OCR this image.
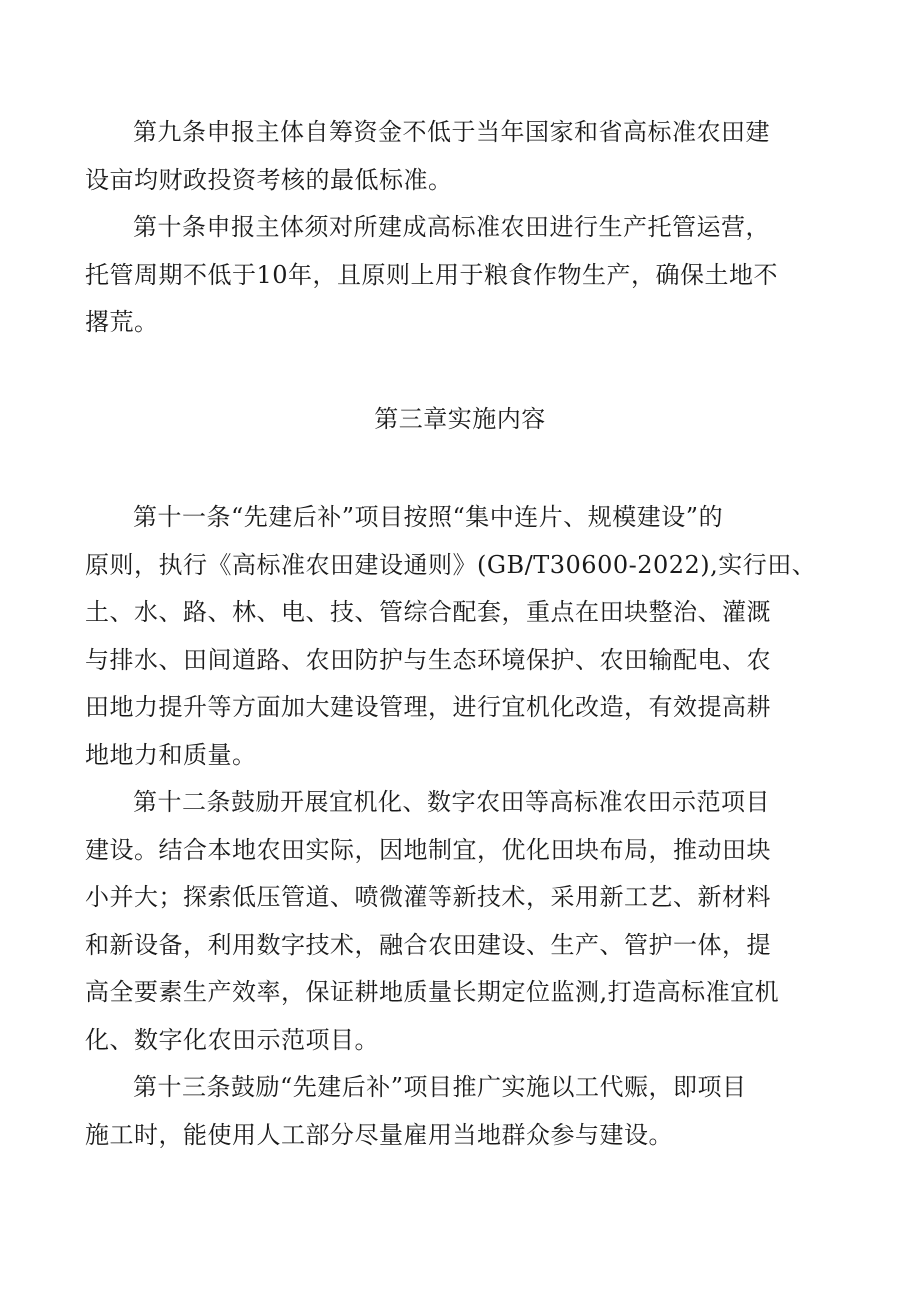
第九条申报主体自筹资金不低于当年国家和省高标准农田建
设亩均财政投资考核的最低标准。

第十条申报主体须对所建成高标准农田进行生产托管运营，
托管周期不低于10年，且原则上用于粮食作物生产，确保土地不
撂荒。

第三章实施内容

第十一条“先建后补”项目按照“集中连片、规模建设”的
原则，执行《高标准农田建设通则》(GB/T30600-2022),实行田、
土、水、路、林、电、技、管综合配套，重点在田块整治、灌溉
与排水、田间道路、农田防护与生态环境保护、农田输配电、农
田地力提升等方面加大建设管理，进行宜机化改造，有效提高耕
地地力和质量。

第十二条鼓励开展宜机化、数字农田等高标准农田示范项目
建设。结合本地农田实际，因地制宜，优化田块布局，推动田块
小并大；探索低压管道、喷微灌等新技术，采用新工艺、新材料
和新设备，利用数字技术，融合农田建设、生产、管护一体，提
高全要素生产效率，保证耕地质量长期定位监测,打造高标准宜机
化、数字化农田示范项目。

第十三条鼓励“先建后补”项目推广实施以工代赈，即项目
施工时，能使用人工部分尽量雇用当地群众参与建设。
